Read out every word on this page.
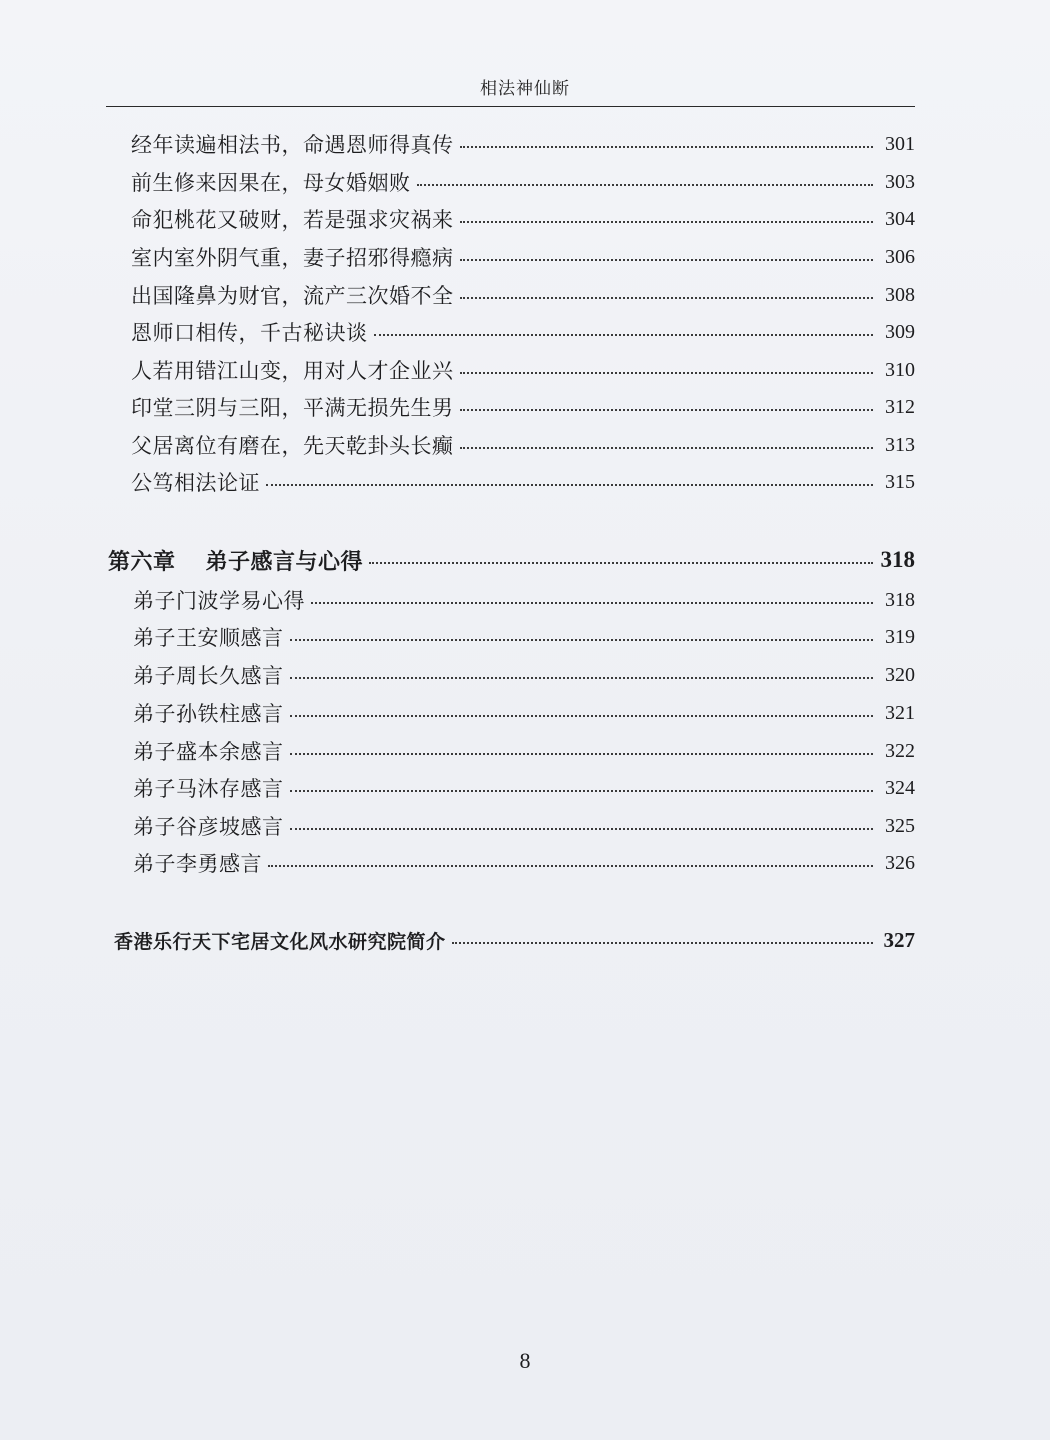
相法神仙断
经年读遍相法书，命遇恩师得真传	301
前生修来因果在，母女婚姻败	303
命犯桃花又破财，若是强求灾祸来	304
室内室外阴气重，妻子招邪得瘾病	306
出国隆鼻为财官，流产三次婚不全	308
恩师口相传，千古秘诀谈	309
人若用错江山变，用对人才企业兴	310
印堂三阴与三阳，平满无损先生男	312
父居离位有磨在，先天乾卦头长癫	313
公笃相法论证	315
第六章 弟子感言与心得	318
弟子门波学易心得	318
弟子王安顺感言	319
弟子周长久感言	320
弟子孙铁柱感言	321
弟子盛本余感言	322
弟子马沐存感言	324
弟子谷彦坡感言	325
弟子李勇感言	326
香港乐行天下宅居文化风水研究院简介	327
8
